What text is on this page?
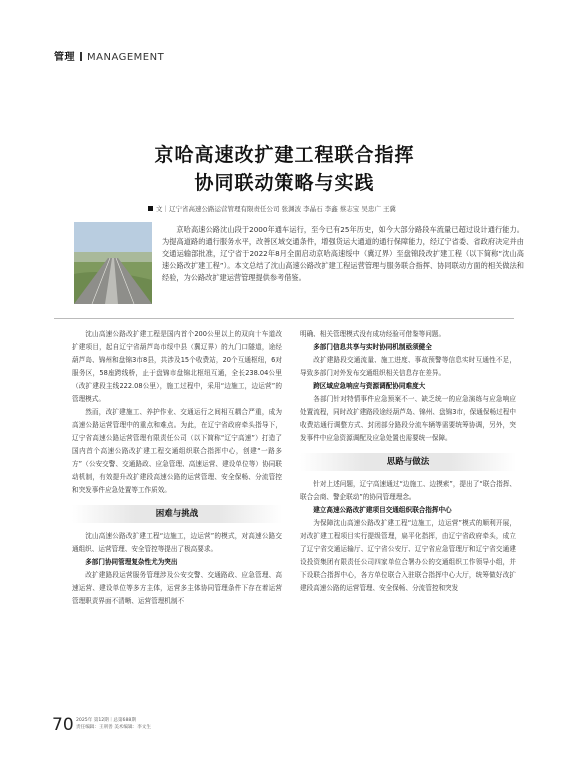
管理 MANAGEMENT
京哈高速改扩建工程联合指挥
协同联动策略与实践
文｜辽宁省高速公路运营管理有限责任公司 张渊波 李晶石 李鑫 蔡志宝 吴忠广 王冀

京哈高速公路沈山段于2000年通车运行，至今已有25年历史，如今大部分路段车流量已超过设计通行能力。为提高道路的通行服务水平，改善区域交通条件，增强货运大通道的通行保障能力，经辽宁省委、省政府决定并由交通运输部批准，辽宁省于2022年8月全面启动京哈高速绥中（冀辽界）至盘锦段改扩建工程（以下简称“沈山高速公路改扩建工程”）。本文总结了沈山高速公路改扩建工程运营管理与服务联合指挥、协同联动方面的相关做法和经验，为公路改扩建运营管理提供参考借鉴。

沈山高速公路改扩建工程是国内首个200公里以上的双向十车道改扩建项目，起自辽宁省葫芦岛市绥中县（冀辽界）的九门口隧道，途经葫芦岛、锦州和盘锦3市8县，共涉及15个收费站，20个互通枢纽，6对服务区，58座跨线桥，止于盘锦市盘锦北枢纽互通，全长238.04公里（改扩建段主线222.08公里），施工过程中，采用“边施工，边运营”的管理模式。

然而，改扩建施工、养护作业、交通运行之间相互耦合严重，成为高速公路运营管理中的重点和难点。为此，在辽宁省政府牵头指导下，辽宁省高速公路运营管理有限责任公司（以下简称“辽宁高速”）打造了国内首个高速公路改扩建工程交通组织联合指挥中心，创建“一路多方”（公安交警、交通路政、应急管理、高速运营、建设单位等）协同联动机制，有效提升改扩建段高速公路的运营管理、安全保畅、分流管控和突发事件应急处置等工作质效。

困难与挑战

沈山高速公路改扩建工程“边施工，边运营”的模式，对高速公路交通组织、运营管理、安全管控等提出了极高要求。

多部门协同管理复杂性尤为突出

改扩建路段运营服务管理涉及公安交警、交通路政、应急管理、高速运营、建设单位等多方主体，运营多主体协同管理条件下存在着运营管理职责界面不清晰、运营管理机制不

明确、相关管理模式没有成功经验可借鉴等问题。

多部门信息共享与实时协同机制亟须健全

改扩建路段交通流量、施工进度、事故预警等信息实时互通性不足，导致多部门对外发布交通组织相关信息存在差异。

跨区域应急响应与资源调配协同难度大

各部门针对特情事件应急预案不一、缺乏统一的应急演练与应急响应处置流程，同时改扩建路段途经葫芦岛、锦州、盘锦3市，保通保畅过程中收费站通行调整方式、封闭部分路段分流车辆等需要统筹协调，另外，突发事件中应急资源调配及应急处置也需要统一保障。

思路与做法

针对上述问题，辽宁高速通过“边施工、边摸索”，提出了“联合指挥、联合会商、警企联动”的协同管理理念。

建立高速公路改扩建项目交通组织联合指挥中心

为保障沈山高速公路改扩建工程“边施工，边运营”模式的顺利开展，对改扩建工程项目实行提级管理，扁平化指挥，由辽宁省政府牵头，成立了辽宁省交通运输厅、辽宁省公安厅、辽宁省应急管理厅和辽宁省交通建设投资集团有限责任公司四家单位合署办公的交通组织工作领导小组，并下设联合指挥中心，各方单位联合入驻联合指挥中心大厅，统筹做好改扩建段高速公路的运营管理、安全保畅、分流管控和突发

70 2025年 第12期｜总第688期
责任编辑：王刑善 美术编辑：李文生
